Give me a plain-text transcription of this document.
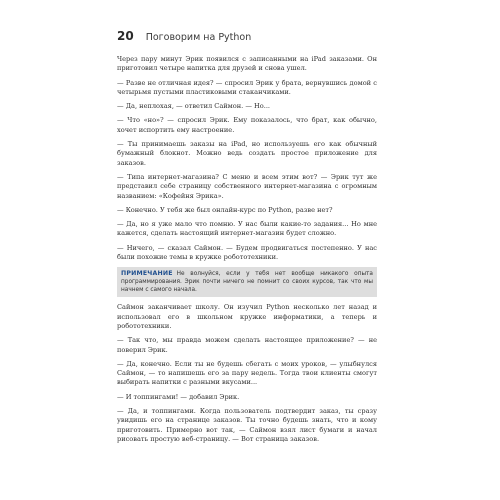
20 Поговорим на Python

Через пару минут Эрик появился с записанными на iPad заказами. Он приготовил четыре напитка для друзей и снова ушел.

— Разве не отличная идея? — спросил Эрик у брата, вернувшись домой с четырьмя пустыми пластиковыми стаканчиками.

— Да, неплохая, — ответил Саймон. — Но...

— Что «но»? — спросил Эрик. Ему показалось, что брат, как обычно, хочет испортить ему настроение.

— Ты принимаешь заказы на iPad, но используешь его как обычный бумажный блокнот. Можно ведь создать простое приложение для заказов.

— Типа интернет-магазина? С меню и всем этим вот? — Эрик тут же представил себе страницу собственного интернет-магазина с огромным названием: «Кофейня Эрика».

— Конечно. У тебя же был онлайн-курс по Python, разве нет?

— Да, но я уже мало что помню. У нас были какие-то задания... Но мне кажется, сделать настоящий интернет-магазин будет сложно.

— Ничего, — сказал Саймон. — Будем продвигаться постепенно. У нас были похожие темы в кружке робототехники.

ПРИМЕЧАНИЕ Не волнуйся, если у тебя нет вообще никакого опыта программирования. Эрик почти ничего не помнит со своих курсов, так что мы начнем с самого начала.

Саймон заканчивает школу. Он изучил Python несколько лет назад и использовал его в школьном кружке информатики, а теперь и робототехники.

— Так что, мы правда можем сделать настоящее приложение? — не поверил Эрик.

— Да, конечно. Если ты не будешь сбегать с моих уроков, — улыбнулся Саймон, — то напишешь его за пару недель. Тогда твои клиенты смогут выбирать напитки с разными вкусами...

— И топпингами! — добавил Эрик.

— Да, и топпингами. Когда пользователь подтвердит заказ, ты сразу увидишь его на странице заказов. Ты точно будешь знать, что и кому приготовить. Примерно вот так, — Саймон взял лист бумаги и начал рисовать простую веб-страницу. — Вот страница заказов.
